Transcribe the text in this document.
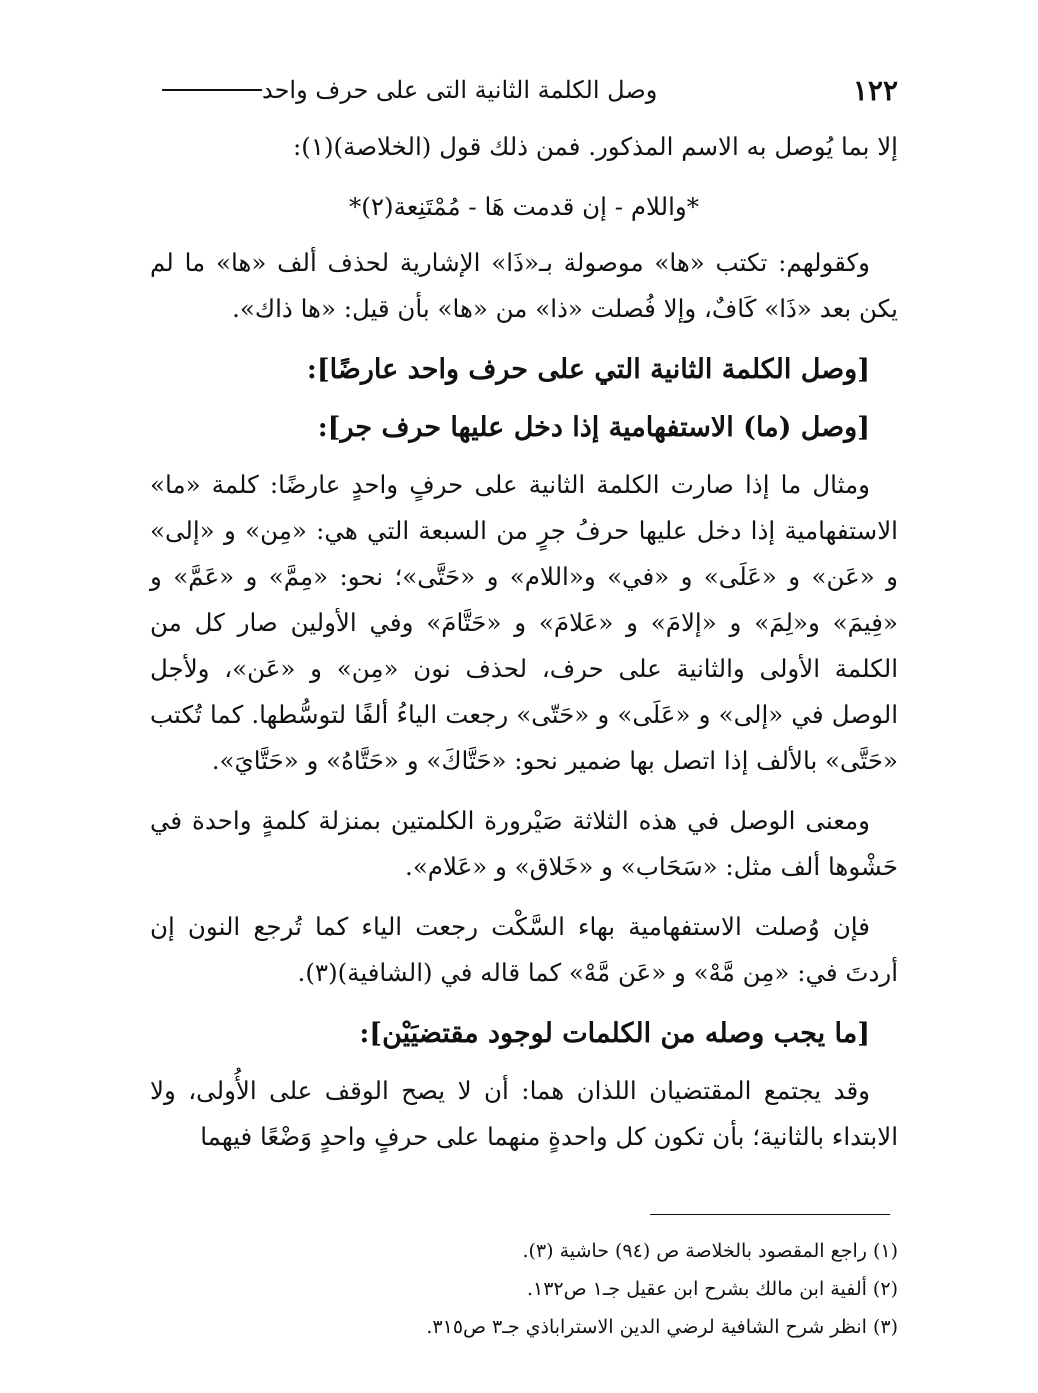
١٢٢
وصل الكلمة الثانية التى على حرف واحد

إلا بما يُوصل به الاسم المذكور. فمن ذلك قول (الخلاصة)(١):

*واللام - إن قدمت هَا - مُمْتَنِعة(٢)*

وكقولهم: تكتب «ها» موصولة بـ«ذَا» الإشارية لحذف ألف «ها» ما لم يكن بعد «ذَا» كَافٌ، وإلا فُصلت «ذا» من «ها» بأن قيل: «ها ذاك».

[وصل الكلمة الثانية التي على حرف واحد عارضًا]:
[وصل (ما) الاستفهامية إذا دخل عليها حرف جر]:

ومثال ما إذا صارت الكلمة الثانية على حرفٍ واحدٍ عارضًا: كلمة «ما» الاستفهامية إذا دخل عليها حرفُ جرٍ من السبعة التي هي: «مِن» و «إلى» و «عَن» و «عَلَى» و «في» و«اللام» و «حَتَّى»؛ نحو: «مِمَّ» و «عَمَّ» و «فِيمَ» و«لِمَ» و «إلامَ» و «عَلامَ» و «حَتَّامَ» وفي الأولين صار كل من الكلمة الأولى والثانية على حرف، لحذف نون «مِن» و «عَن»، ولأجل الوصل في «إلى» و «عَلَى» و «حَتّى» رجعت الياءُ ألفًا لتوسُّطها. كما تُكتب «حَتَّى» بالألف إذا اتصل بها ضمير نحو: «حَتَّاكَ» و «حَتَّاهُ» و «حَتَّايَ».

ومعنى الوصل في هذه الثلاثة صَيْرورة الكلمتين بمنزلة كلمةٍ واحدة في حَشْوها ألف مثل: «سَحَاب» و «خَلاق» و «عَلام».

فإن وُصلت الاستفهامية بهاء السَّكْت رجعت الياء كما تُرجع النون إن أردتَ في: «مِن مَّهْ» و «عَن مَّهْ» كما قاله في (الشافية)(٣).

[ما يجب وصله من الكلمات لوجود مقتضيَيْن]:

وقد يجتمع المقتضيان اللذان هما: أن لا يصح الوقف على الأُولى، ولا الابتداء بالثانية؛ بأن تكون كل واحدةٍ منهما على حرفٍ واحدٍ وَضْعًا فيهما

(١) راجع المقصود بالخلاصة ص (٩٤) حاشية (٣).
(٢) ألفية ابن مالك بشرح ابن عقيل جـ١ ص١٣٢.
(٣) انظر شرح الشافية لرضي الدين الاستراباذي جـ٣ ص٣١٥.
